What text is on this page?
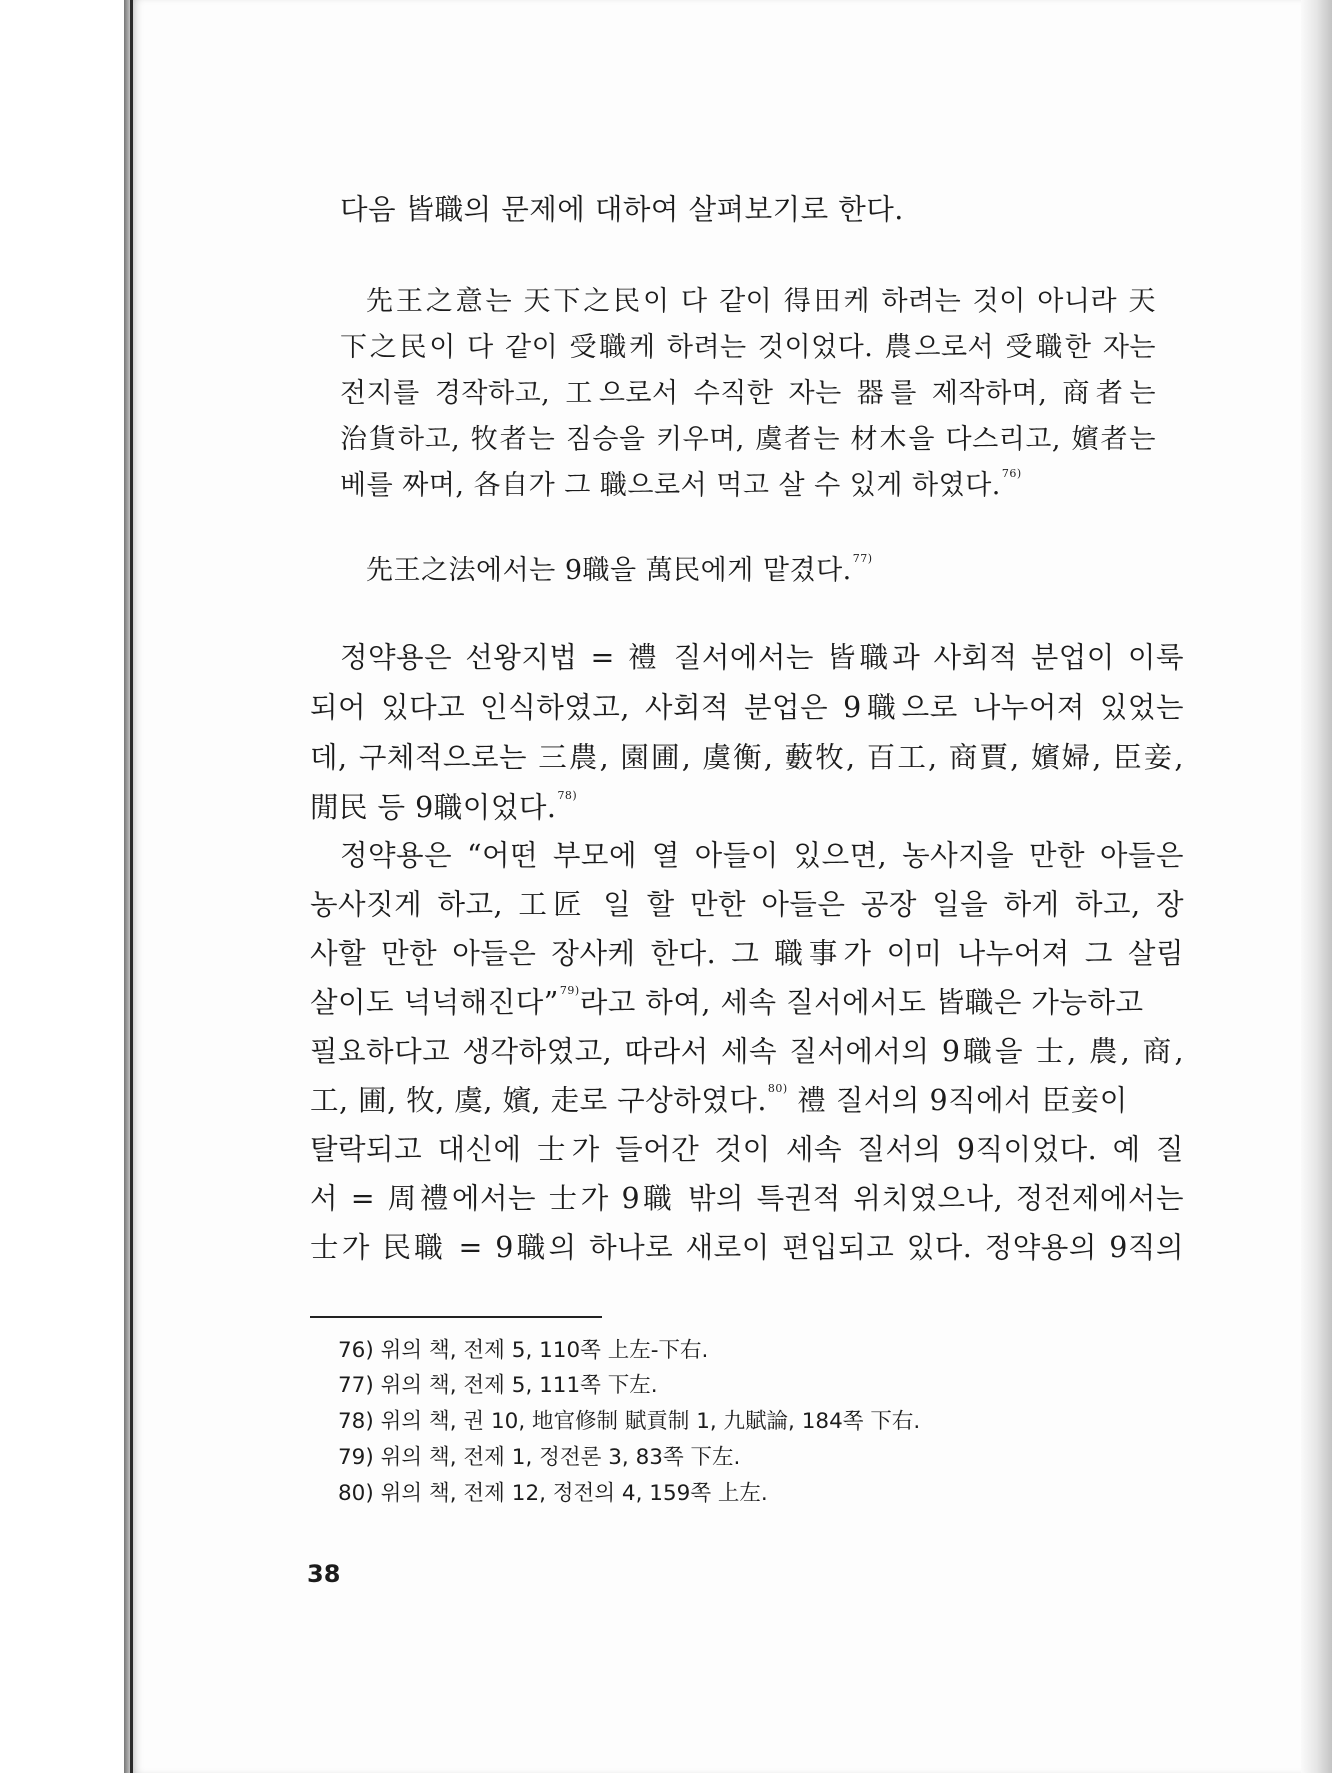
다음 皆職의 문제에 대하여 살펴보기로 한다.
先王之意는 天下之民이 다 같이 得田케 하려는 것이 아니라 天
下之民이 다 같이 受職케 하려는 것이었다. 農으로서 受職한 자는
전지를 경작하고, 工으로서 수직한 자는 器를 제작하며, 商者는
治貨하고, 牧者는 짐승을 키우며, 虞者는 材木을 다스리고, 嬪者는
베를 짜며, 各自가 그 職으로서 먹고 살 수 있게 하였다.$^{76)}$
先王之法에서는 9職을 萬民에게 맡겼다.$^{77)}$
정약용은 선왕지법 = 禮 질서에서는 皆職과 사회적 분업이 이룩
되어 있다고 인식하였고, 사회적 분업은 9職으로 나누어져 있었는
데, 구체적으로는 三農, 園圃, 虞衡, 藪牧, 百工, 商賈, 嬪婦, 臣妾,
閒民 등 9職이었다.$^{78)}$
정약용은 “어떤 부모에 열 아들이 있으면, 농사지을 만한 아들은
농사짓게 하고, 工匠 일 할 만한 아들은 공장 일을 하게 하고, 장
사할 만한 아들은 장사케 한다. 그 職事가 이미 나누어져 그 살림
살이도 넉넉해진다”$^{79)}$라고 하여, 세속 질서에서도 皆職은 가능하고
필요하다고 생각하였고, 따라서 세속 질서에서의 9職을 士, 農, 商,
工, 圃, 牧, 虞, 嬪, 走로 구상하였다.$^{80)}$ 禮 질서의 9직에서 臣妾이
탈락되고 대신에 士가 들어간 것이 세속 질서의 9직이었다. 예 질
서 = 周禮에서는 士가 9職 밖의 특권적 위치였으나, 정전제에서는
士가 民職 = 9職의 하나로 새로이 편입되고 있다. 정약용의 9직의
76) 위의 책, 전제 5, 110쪽 上左-下右.
77) 위의 책, 전제 5, 111쪽 下左.
78) 위의 책, 권 10, 地官修制 賦貢制 1, 九賦論, 184쪽 下右.
79) 위의 책, 전제 1, 정전론 3, 83쪽 下左.
80) 위의 책, 전제 12, 정전의 4, 159쪽 上左.
38
